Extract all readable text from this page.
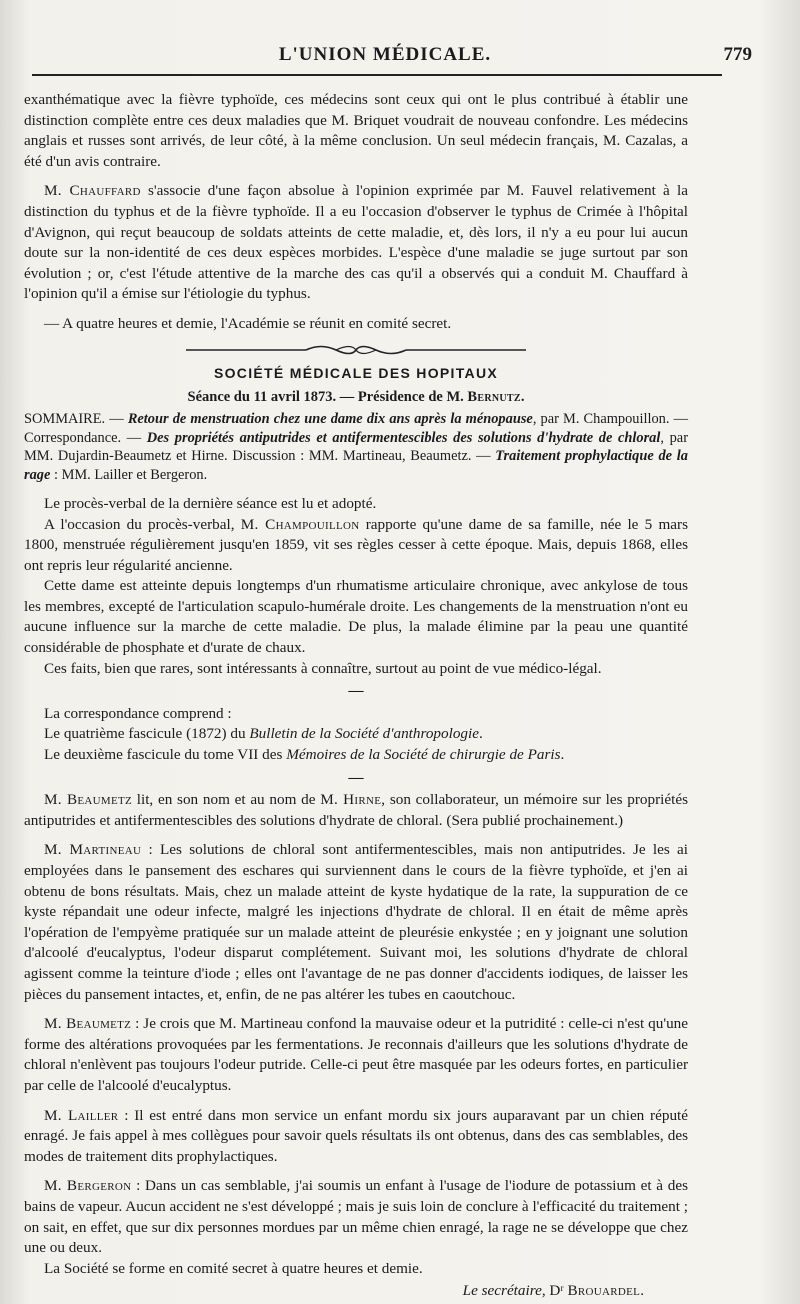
L'UNION MÉDICALE.	779

exanthématique avec la fièvre typhoïde, ces médecins sont ceux qui ont le plus contribué à établir une distinction complète entre ces deux maladies que M. Briquet voudrait de nouveau confondre. Les médecins anglais et russes sont arrivés, de leur côté, à la même conclusion. Un seul médecin français, M. Cazalas, a été d'un avis contraire.

M. Chauffard s'associe d'une façon absolue à l'opinion exprimée par M. Fauvel relativement à la distinction du typhus et de la fièvre typhoïde. Il a eu l'occasion d'observer le typhus de Crimée à l'hôpital d'Avignon, qui reçut beaucoup de soldats atteints de cette maladie, et, dès lors, il n'y a eu pour lui aucun doute sur la non-identité de ces deux espèces morbides. L'espèce d'une maladie se juge surtout par son évolution ; or, c'est l'étude attentive de la marche des cas qu'il a observés qui a conduit M. Chauffard à l'opinion qu'il a émise sur l'étiologie du typhus.

— A quatre heures et demie, l'Académie se réunit en comité secret.

SOCIÉTÉ MÉDICALE DES HOPITAUX
Séance du 11 avril 1873. — Présidence de M. Bernutz.
SOMMAIRE. — Retour de menstruation chez une dame dix ans après la ménopause, par M. Champouillon. — Correspondance. — Des propriétés antiputrides et antifermentescibles des solutions d'hydrate de chloral, par MM. Dujardin-Beaumetz et Hirne. Discussion : MM. Martineau, Beaumetz. — Traitement prophylactique de la rage : MM. Lailler et Bergeron.

Le procès-verbal de la dernière séance est lu et adopté.

A l'occasion du procès-verbal, M. Champouillon rapporte qu'une dame de sa famille, née le 5 mars 1800, menstruée régulièrement jusqu'en 1859, vit ses règles cesser à cette époque. Mais, depuis 1868, elles ont repris leur régularité ancienne.

Cette dame est atteinte depuis longtemps d'un rhumatisme articulaire chronique, avec ankylose de tous les membres, excepté de l'articulation scapulo-humérale droite. Les changements de la menstruation n'ont eu aucune influence sur la marche de cette maladie. De plus, la malade élimine par la peau une quantité considérable de phosphate et d'urate de chaux.

Ces faits, bien que rares, sont intéressants à connaître, surtout au point de vue médico-légal.

—

La correspondance comprend :

Le quatrième fascicule (1872) du Bulletin de la Société d'anthropologie.

Le deuxième fascicule du tome VII des Mémoires de la Société de chirurgie de Paris.

—

M. Beaumetz lit, en son nom et au nom de M. Hirne, son collaborateur, un mémoire sur les propriétés antiputrides et antifermentescibles des solutions d'hydrate de chloral. (Sera publié prochainement.)

M. Martineau : Les solutions de chloral sont antifermentescibles, mais non antiputrides. Je les ai employées dans le pansement des eschares qui surviennent dans le cours de la fièvre typhoïde, et j'en ai obtenu de bons résultats. Mais, chez un malade atteint de kyste hydatique de la rate, la suppuration de ce kyste répandait une odeur infecte, malgré les injections d'hydrate de chloral. Il en était de même après l'opération de l'empyème pratiquée sur un malade atteint de pleurésie enkystée ; en y joignant une solution d'alcoolé d'eucalyptus, l'odeur disparut complétement. Suivant moi, les solutions d'hydrate de chloral agissent comme la teinture d'iode ; elles ont l'avantage de ne pas donner d'accidents iodiques, de laisser les pièces du pansement intactes, et, enfin, de ne pas altérer les tubes en caoutchouc.

M. Beaumetz : Je crois que M. Martineau confond la mauvaise odeur et la putridité : celle-ci n'est qu'une forme des altérations provoquées par les fermentations. Je reconnais d'ailleurs que les solutions d'hydrate de chloral n'enlèvent pas toujours l'odeur putride. Celle-ci peut être masquée par les odeurs fortes, en particulier par celle de l'alcoolé d'eucalyptus.

M. Lailler : Il est entré dans mon service un enfant mordu six jours auparavant par un chien réputé enragé. Je fais appel à mes collègues pour savoir quels résultats ils ont obtenus, dans des cas semblables, des modes de traitement dits prophylactiques.

M. Bergeron : Dans un cas semblable, j'ai soumis un enfant à l'usage de l'iodure de potassium et à des bains de vapeur. Aucun accident ne s'est développé ; mais je suis loin de conclure à l'efficacité du traitement ; on sait, en effet, que sur dix personnes mordues par un même chien enragé, la rage ne se développe que chez une ou deux.

La Société se forme en comité secret à quatre heures et demie.

Le secrétaire, Dʳ Brouardel.
